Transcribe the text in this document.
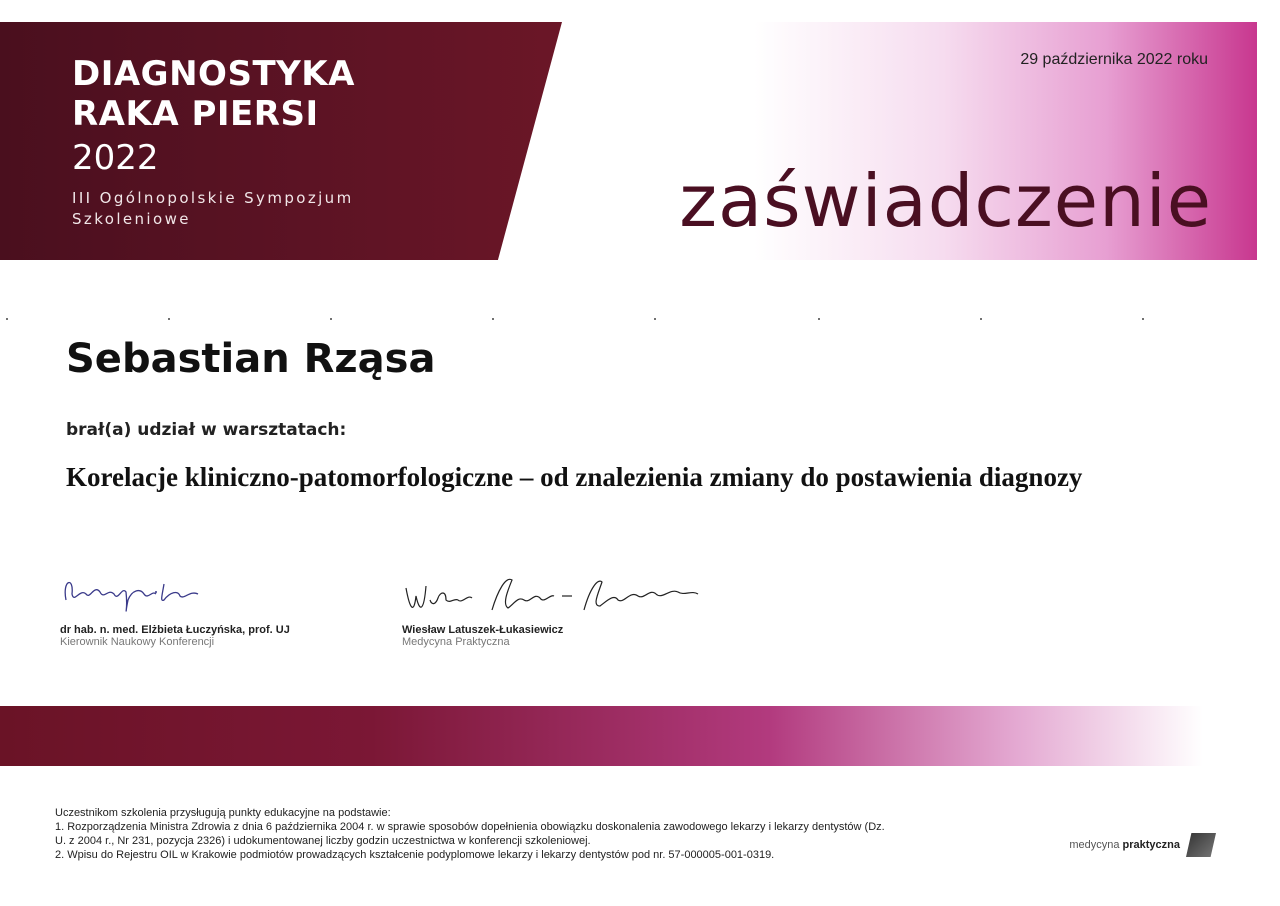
DIAGNOSTYKA RAKA PIERSI
2022
III Ogólnopolskie Sympozjum Szkoleniowe
29 października 2022 roku
zaświadczenie
Sebastian Rząsa
brał(a) udział w warsztatach:
Korelacje kliniczno-patomorfologiczne – od znalezienia zmiany do postawienia diagnozy
dr hab. n. med. Elżbieta Łuczyńska, prof. UJ
Kierownik Naukowy Konferencji
Wiesław Latuszek-Łukasiewicz
Medycyna Praktyczna

Uczestnikom szkolenia przysługują punkty edukacyjne na podstawie:

1. Rozporządzenia Ministra Zdrowia z dnia 6 października 2004 r. w sprawie sposobów dopełnienia obowiązku doskonalenia zawodowego lekarzy i lekarzy dentystów (Dz. U. z 2004 r., Nr 231, pozycja 2326) i udokumentowanej liczby godzin uczestnictwa w konferencji szkoleniowej.

2. Wpisu do Rejestru OIL w Krakowie podmiotów prowadzących kształcenie podyplomowe lekarzy i lekarzy dentystów pod nr. 57-000005-001-0319.

medycyna praktyczna
